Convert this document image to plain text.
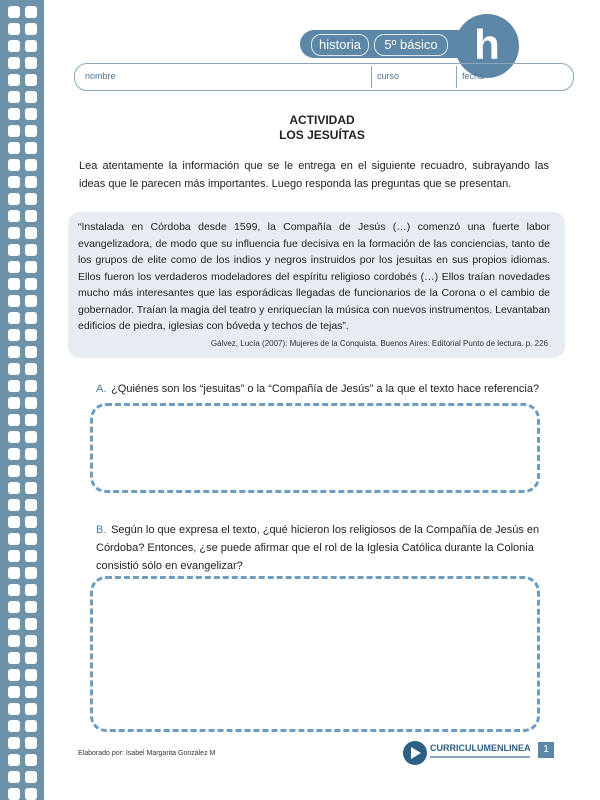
historia	5º básico h
nombre	curso	fecha
ACTIVIDAD
LOS JESUÍTAS
Lea atentamente la información que se le entrega en el siguiente recuadro, subrayando las ideas que le parecen más importantes. Luego responda las preguntas que se presentan.
“Instalada en Córdoba desde 1599, la Compañía de Jesús (…) comenzó una fuerte labor evangelizadora, de modo que su influencia fue decisiva en la formación de las conciencias, tanto de los grupos de elite como de los indios y negros instruidos por los jesuitas en sus propios idiomas. Ellos fueron los verdaderos modeladores del espíritu religioso cordobés (…) Ellos traían novedades mucho más interesantes que las esporádicas llegadas de funcionarios de la Corona o el cambio de gobernador. Traían la magia del teatro y enriquecían la música con nuevos instrumentos. Levantaban edificios de piedra, iglesias con bóveda y techos de tejas”.
Gálvez, Lucía (2007): Mujeres de la Conquista. Buenos Aires: Editorial Punto de lectura. p. 226
A. ¿Quiénes son los “jesuitas” o la “Compañía de Jesús” a la que el texto hace referencia?
B. Según lo que expresa el texto, ¿qué hicieron los religiosos de la Compañía de Jesús en Córdoba? Entonces, ¿se puede afirmar que el rol de la Iglesia Católica durante la Colonia consistió sólo en evangelizar?
Elaborado por: Isabel Margarita González M
CURRICULUMENLINEA	1
